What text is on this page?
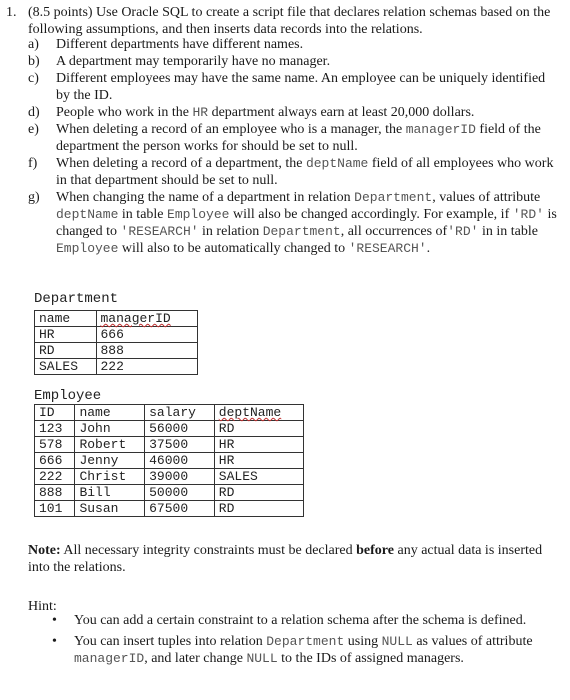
1. (8.5 points) Use Oracle SQL to create a script file that declares relation schemas based on the following assumptions, and then inserts data records into the relations.

a) Different departments have different names.

b) A department may temporarily have no manager.

c) Different employees may have the same name. An employee can be uniquely identified by the ID.

d) People who work in the HR department always earn at least 20,000 dollars.

e) When deleting a record of an employee who is a manager, the managerID field of the department the person works for should be set to null.

f) When deleting a record of a department, the deptName field of all employees who work in that department should be set to null.

g) When changing the name of a department in relation Department, values of attribute deptName in table Employee will also be changed accordingly. For example, if 'RD' is changed to 'RESEARCH' in relation Department, all occurrences of'RD' in in table Employee will also to be automatically changed to 'RESEARCH'.

Department
name	managerID
HR	666
RD	888
SALES	222
Employee
ID	name	salary	deptName
123	John	56000	RD
578	Robert	37500	HR
666	Jenny	46000	HR
222	Christ	39000	SALES
888	Bill	50000	RD
101	Susan	67500	RD
Note: All necessary integrity constraints must be declared before any actual data is inserted into the relations.
Hint:
• You can add a certain constraint to a relation schema after the schema is defined.
• You can insert tuples into relation Department using NULL as values of attribute managerID, and later change NULL to the IDs of assigned managers.
